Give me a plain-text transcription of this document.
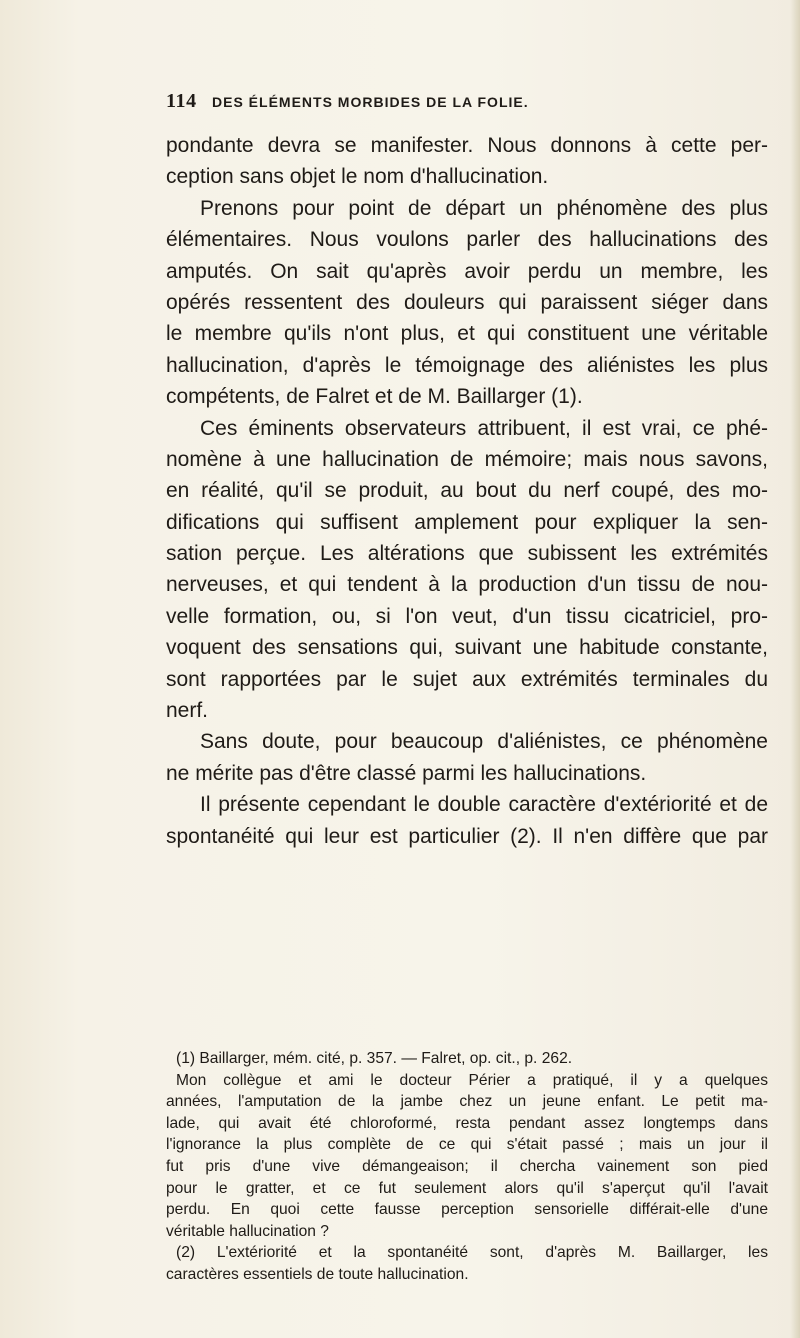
114 DES ÉLÉMENTS MORBIDES DE LA FOLIE.
pondante devra se manifester. Nous donnons à cette per-
ception sans objet le nom d'hallucination.
Prenons pour point de départ un phénomène des plus
élémentaires. Nous voulons parler des hallucinations des
amputés. On sait qu'après avoir perdu un membre, les
opérés ressentent des douleurs qui paraissent siéger dans
le membre qu'ils n'ont plus, et qui constituent une véritable
hallucination, d'après le témoignage des aliénistes les plus
compétents, de Falret et de M. Baillarger (1).
Ces éminents observateurs attribuent, il est vrai, ce phé-
nomène à une hallucination de mémoire; mais nous savons,
en réalité, qu'il se produit, au bout du nerf coupé, des mo-
difications qui suffisent amplement pour expliquer la sen-
sation perçue. Les altérations que subissent les extrémités
nerveuses, et qui tendent à la production d'un tissu de nou-
velle formation, ou, si l'on veut, d'un tissu cicatriciel, pro-
voquent des sensations qui, suivant une habitude constante,
sont rapportées par le sujet aux extrémités terminales du
nerf.
Sans doute, pour beaucoup d'aliénistes, ce phénomène
ne mérite pas d'être classé parmi les hallucinations.
Il présente cependant le double caractère d'extériorité et de
spontanéité qui leur est particulier (2). Il n'en diffère que par
(1) Baillarger, mém. cité, p. 357. — Falret, op. cit., p. 262.
Mon collègue et ami le docteur Périer a pratiqué, il y a quelques
années, l'amputation de la jambe chez un jeune enfant. Le petit ma-
lade, qui avait été chloroformé, resta pendant assez longtemps dans
l'ignorance la plus complète de ce qui s'était passé ; mais un jour il
fut pris d'une vive démangeaison; il chercha vainement son pied
pour le gratter, et ce fut seulement alors qu'il s'aperçut qu'il l'avait
perdu. En quoi cette fausse perception sensorielle différait-elle d'une
véritable hallucination ?
(2) L'extériorité et la spontanéité sont, d'après M. Baillarger, les
caractères essentiels de toute hallucination.
